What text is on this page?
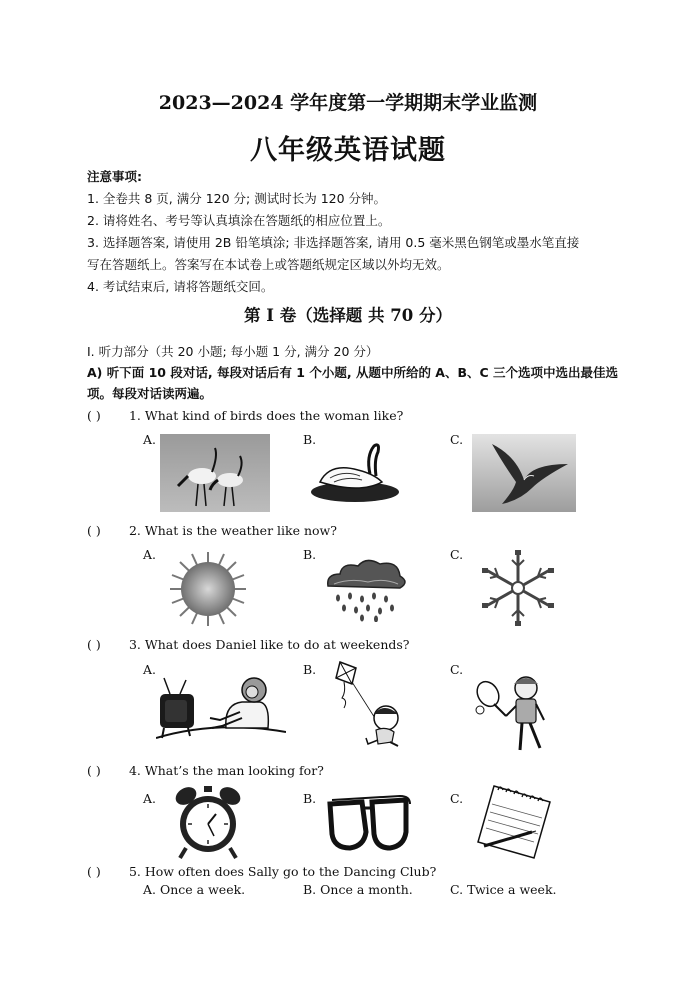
2023—2024 学年度第一学期期末学业监测
八年级英语试题
注意事项:
1. 全卷共 8 页, 满分 120 分; 测试时长为 120 分钟。
2. 请将姓名、考号等认真填涂在答题纸的相应位置上。
3. 选择题答案, 请使用 2B 铅笔填涂; 非选择题答案, 请用 0.5 毫米黑色钢笔或墨水笔直接
写在答题纸上。答案写在本试卷上或答题纸规定区域以外均无效。
4. 考试结束后, 请将答题纸交回。
第 I 卷（选择题 共 70 分）
I. 听力部分（共 20 小题; 每小题 1 分, 满分 20 分）
A) 听下面 10 段对话, 每段对话后有 1 个小题, 从题中所给的 A、B、C 三个选项中选出最佳选项。每段对话读两遍。
( ) 1. What kind of birds does the woman like?
A.	B.	C.
( ) 2. What is the weather like now?
A.	B.	C.
( ) 3. What does Daniel like to do at weekends?
A.	B.	C.
( ) 4. What’s the man looking for?
A.	B.	C.
( ) 5. How often does Sally go to the Dancing Club?
A. Once a week.	B. Once a month.	C. Twice a week.
